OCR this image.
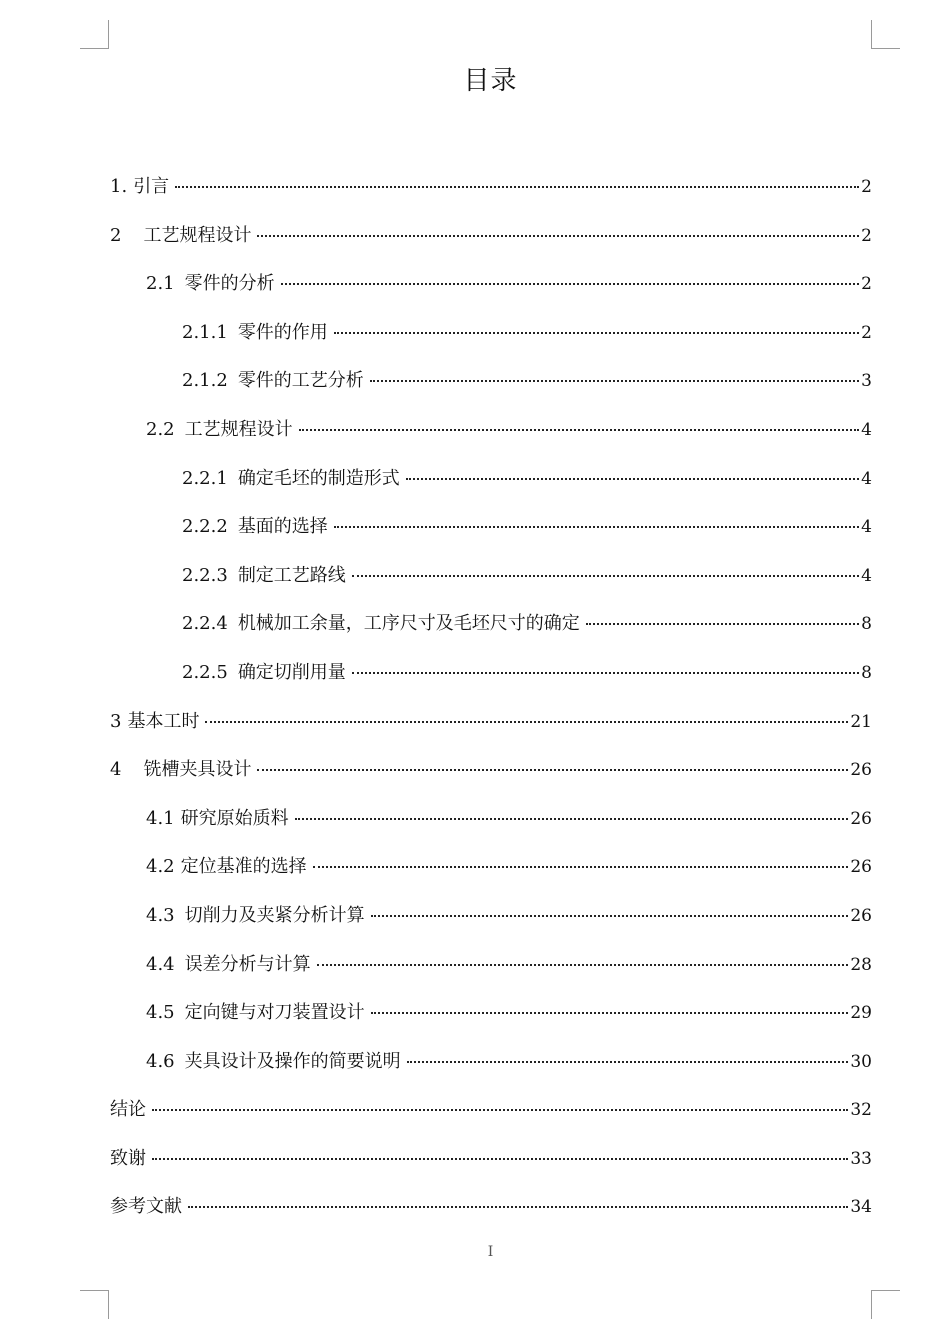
目录
1. 引言	2
2 工艺规程设计	2
2.1 零件的分析	2
2.1.1 零件的作用	2
2.1.2 零件的工艺分析	3
2.2 工艺规程设计	4
2.2.1 确定毛坯的制造形式	4
2.2.2 基面的选择	4
2.2.3 制定工艺路线	4
2.2.4 机械加工余量，工序尺寸及毛坯尺寸的确定	8
2.2.5 确定切削用量	8
3 基本工时	21
4 铣槽夹具设计	26
4.1 研究原始质料	26
4.2 定位基准的选择	26
4.3 切削力及夹紧分析计算	26
4.4 误差分析与计算	28
4.5 定向键与对刀装置设计	29
4.6 夹具设计及操作的简要说明	30
结论	32
致谢	33
参考文献	34
I
